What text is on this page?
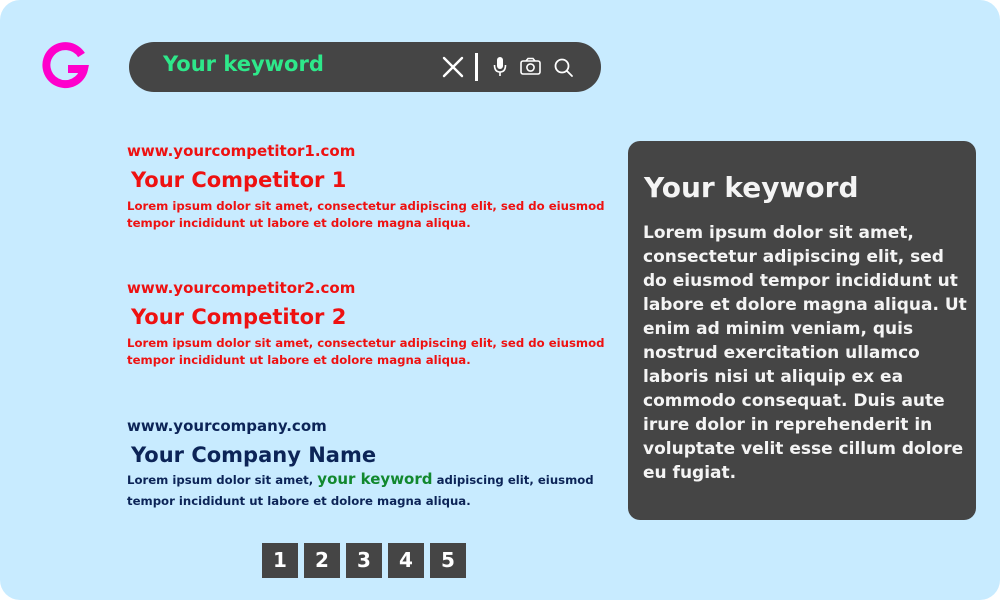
Your keyword
www.yourcompetitor1.com
Your Competitor 1
Lorem ipsum dolor sit amet, consectetur adipiscing elit, sed do eiusmod
tempor incididunt ut labore et dolore magna aliqua.
www.yourcompetitor2.com
Your Competitor 2
Lorem ipsum dolor sit amet, consectetur adipiscing elit, sed do eiusmod
tempor incididunt ut labore et dolore magna aliqua.
www.yourcompany.com
Your Company Name
Lorem ipsum dolor sit amet, your keyword adipiscing elit, eiusmod
tempor incididunt ut labore et dolore magna aliqua.
1	2	3	4	5
Your keyword
Lorem ipsum dolor sit amet, consectetur adipiscing elit, sed do eiusmod tempor incididunt ut labore et dolore magna aliqua. Ut enim ad minim veniam, quis nostrud exercitation ullamco laboris nisi ut aliquip ex ea commodo consequat. Duis aute irure dolor in reprehenderit in voluptate velit esse cillum dolore eu fugiat.
